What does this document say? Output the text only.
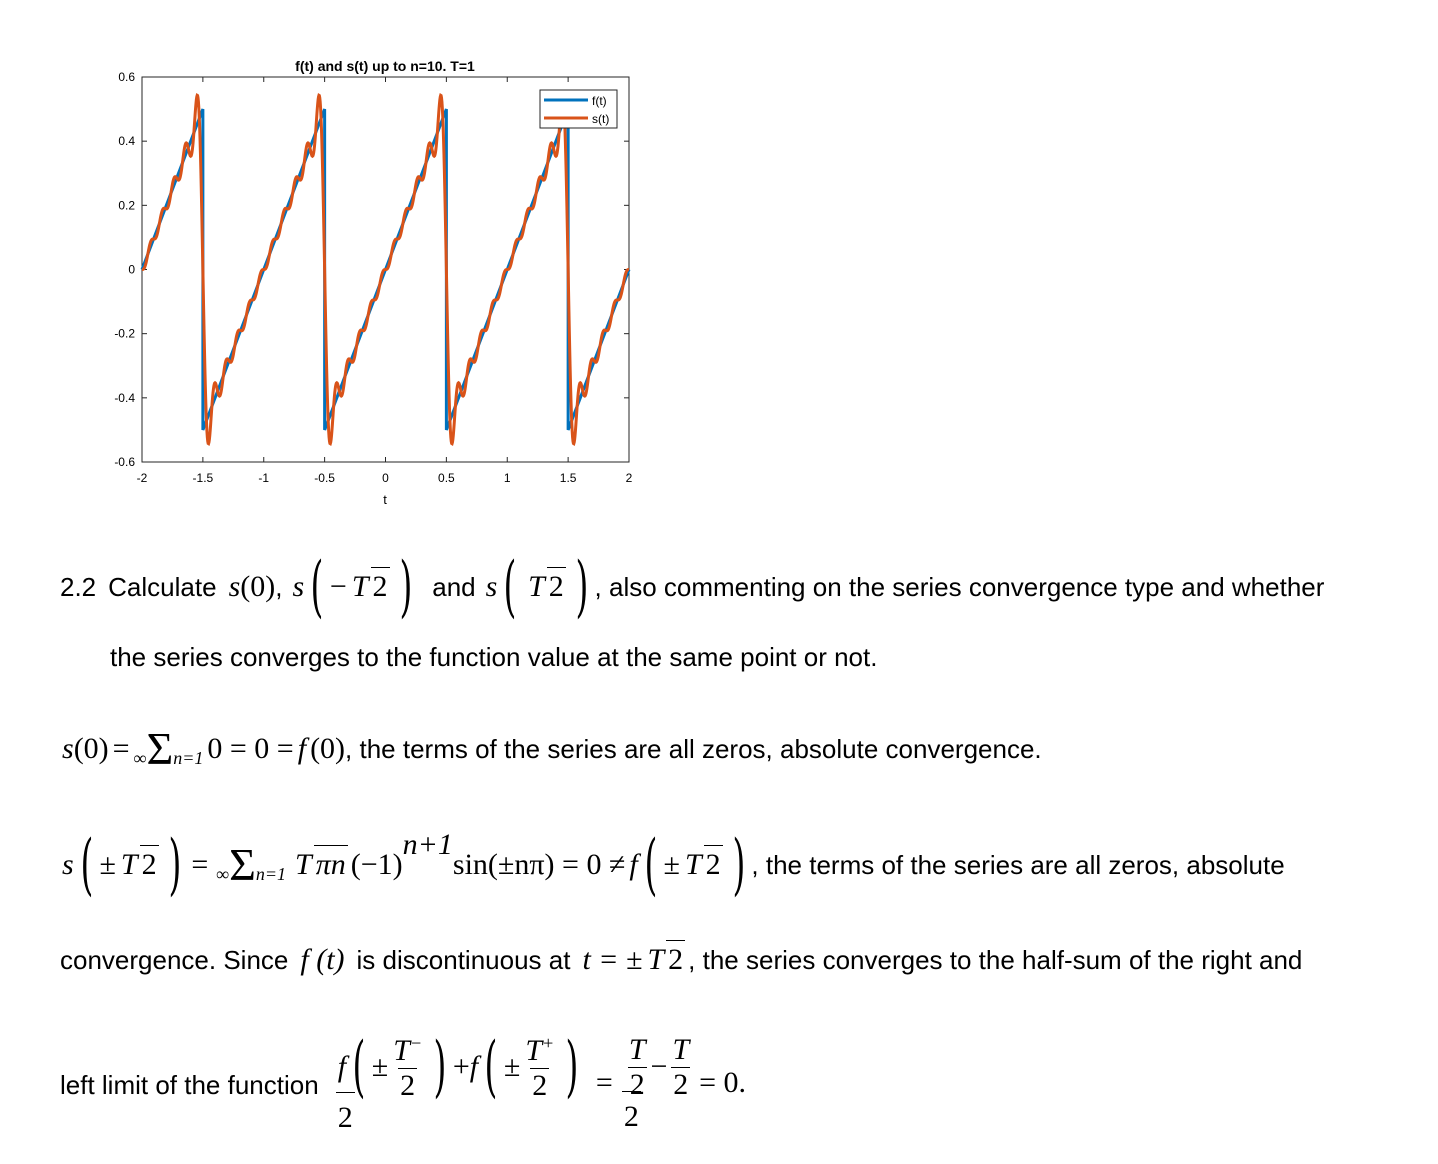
f(t) and s(t) up to n=10. T=1
-2	-1.5	-1	-0.5	0	0.5	1	1.5	2
0.6
0.4
0.2
0
-0.2
-0.4
-0.6
t
f(t)
s(t)
2.2 Calculate s (0) , s ( − T 2 ) and s ( T 2 ) , also commenting on the series convergence type and whether
the series converges to the function value at the same point or not.
s (0) = ∞Σn=1 0 = 0 = f (0) , the terms of the series are all zeros, absolute convergence.
s ( ± T 2 ) = ∞Σn=1 T πn (−1)
n+1
sin(±nπ) = 0 ≠ f ( ± T 2 ) , the terms of the series are all zeros, absolute
convergence. Since f (t) is discontinuous at t = ± T 2 , the series converges to the half-sum of the right and
left limit of the function
f ( ± $\frac{T^-}{2}$ ) + f ( ± $\frac{T^+}{2}$ )
2
= $\frac{T}{2} - \frac{T}{2}$
2
= 0.
